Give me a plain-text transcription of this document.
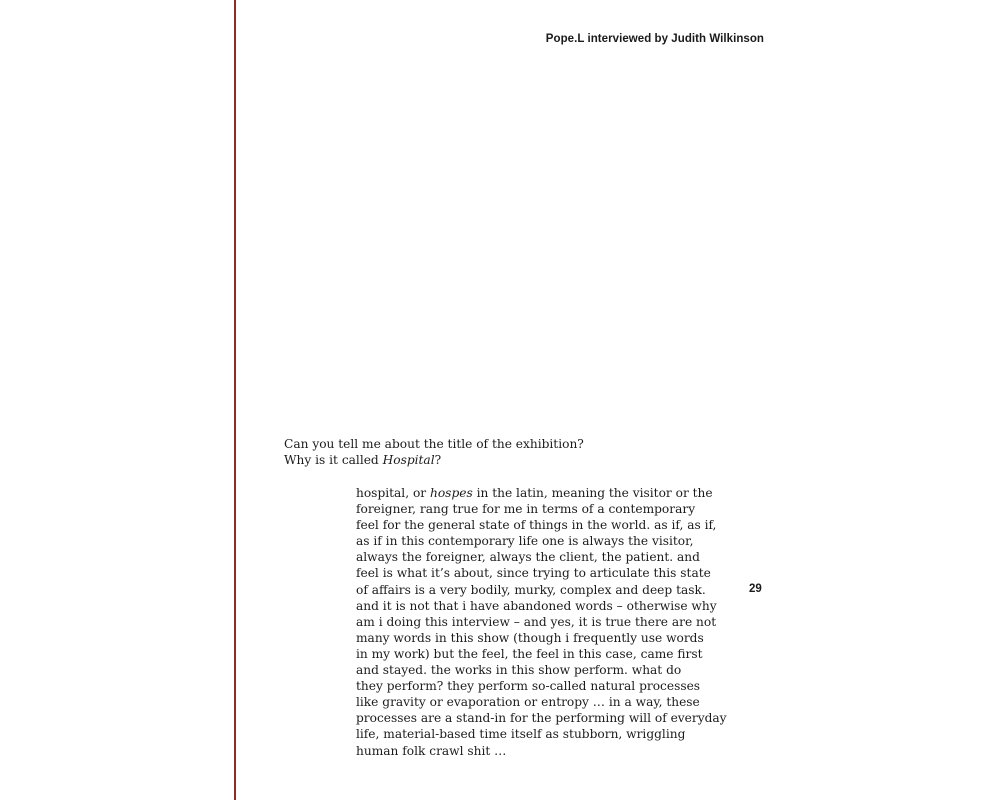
Pope.L interviewed by Judith Wilkinson
Can you tell me about the title of the exhibition?
Why is it called Hospital?
hospital, or hospes in the latin, meaning the visitor or the
foreigner, rang true for me in terms of a contemporary
feel for the general state of things in the world. as if, as if,
as if in this contemporary life one is always the visitor,
always the foreigner, always the client, the patient. and
feel is what it’s about, since trying to articulate this state
of affairs is a very bodily, murky, complex and deep task.
and it is not that i have abandoned words – otherwise why
am i doing this interview – and yes, it is true there are not
many words in this show (though i frequently use words
in my work) but the feel, the feel in this case, came first
and stayed. the works in this show perform. what do
they perform? they perform so-called natural processes
like gravity or evaporation or entropy … in a way, these
processes are a stand-in for the performing will of everyday
life, material-based time itself as stubborn, wriggling
human folk crawl shit …
29
